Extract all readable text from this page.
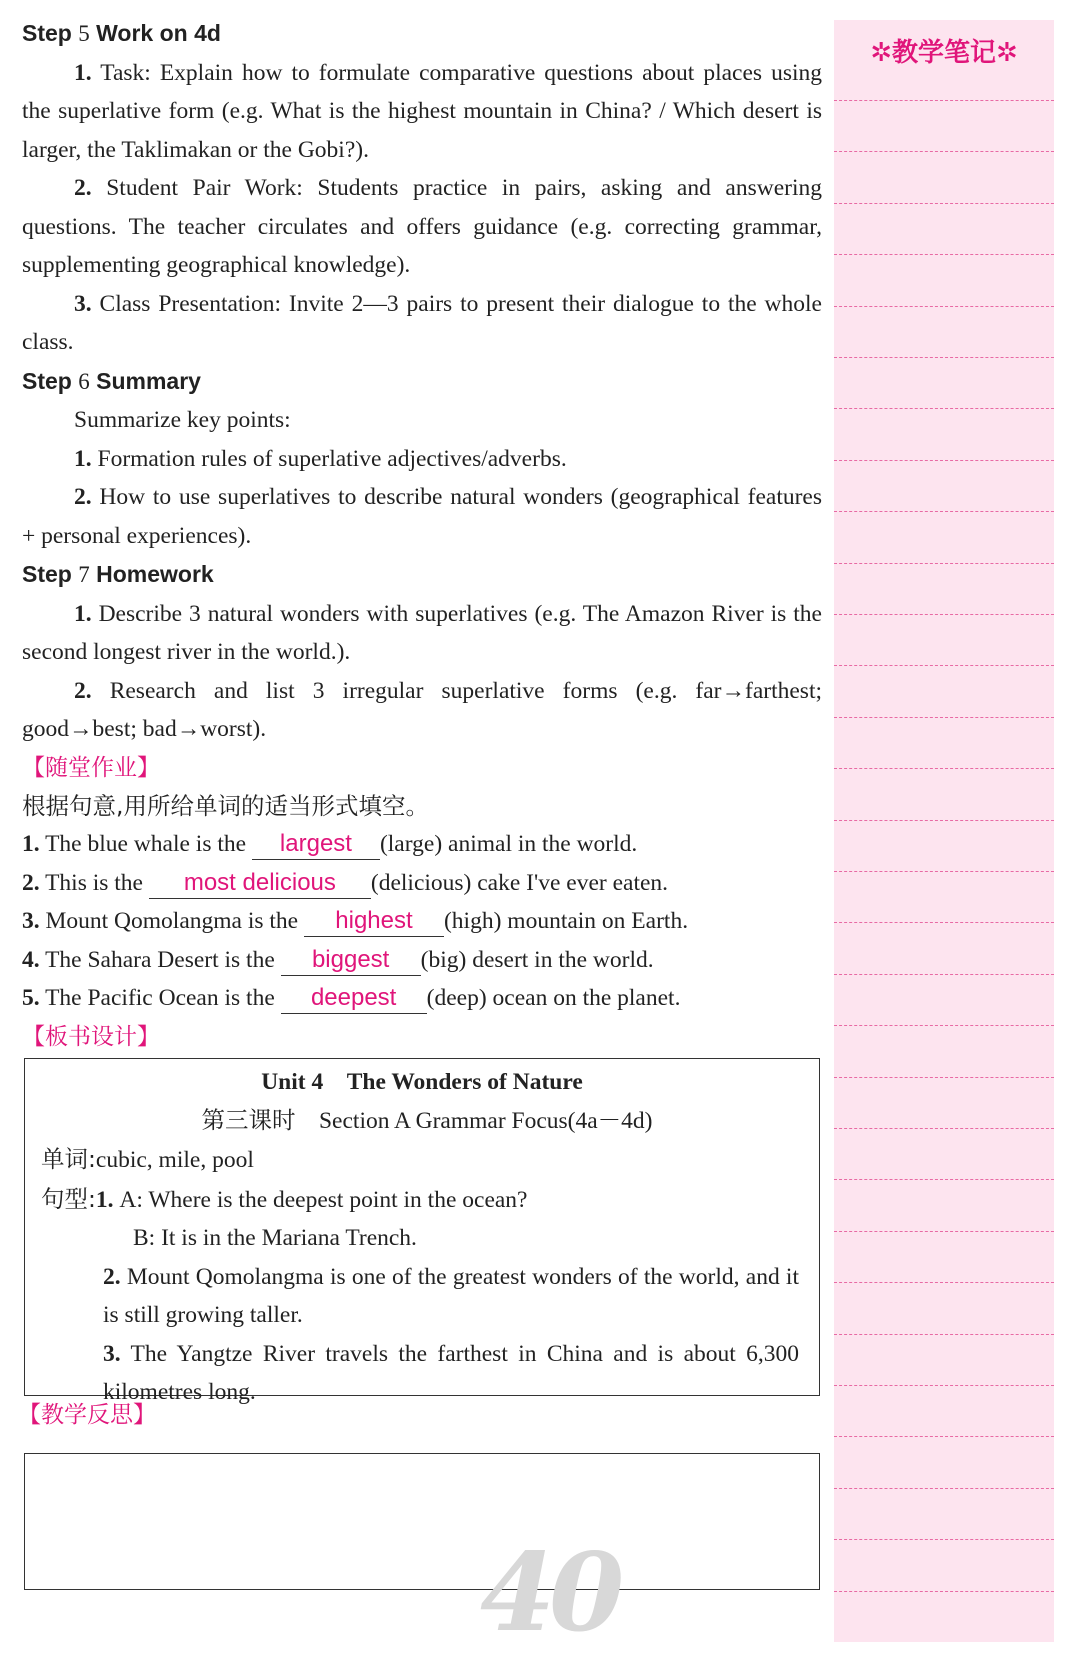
Step 5 Work on 4d

1. Task: Explain how to formulate comparative questions about places using the superlative form (e.g. What is the highest mountain in China? / Which desert is larger, the Taklimakan or the Gobi?).

2. Student Pair Work: Students practice in pairs, asking and answering questions. The teacher circulates and offers guidance (e.g. correcting grammar, supplementing geographical knowledge).

3. Class Presentation: Invite 2—3 pairs to present their dialogue to the whole class.

Step 6 Summary

Summarize key points:

1. Formation rules of superlative adjectives/adverbs.

2. How to use superlatives to describe natural wonders (geographical features + personal experiences).

Step 7 Homework

1. Describe 3 natural wonders with superlatives (e.g. The Amazon River is the second longest river in the world.).

2. Research and list 3 irregular superlative forms (e.g. far→farthest; good→best; bad→worst).

【随堂作业】

根据句意,用所给单词的适当形式填空。

1. The blue whale is the largest (large) animal in the world.

2. This is the most delicious (delicious) cake I've ever eaten.

3. Mount Qomolangma is the highest (high) mountain on Earth.

4. The Sahara Desert is the biggest (big) desert in the world.

5. The Pacific Ocean is the deepest (deep) ocean on the planet.

【板书设计】

Unit 4　The Wonders of Nature
第三课时　Section A Grammar Focus(4a－4d)
单词:cubic, mile, pool
句型:1. A: Where is the deepest point in the ocean?
B: It is in the Mariana Trench.
2. Mount Qomolangma is one of the greatest wonders of the world, and it is still growing taller.
3. The Yangtze River travels the farthest in China and is about 6,300 kilometres long.

【教学反思】

40
✲教学笔记✲
